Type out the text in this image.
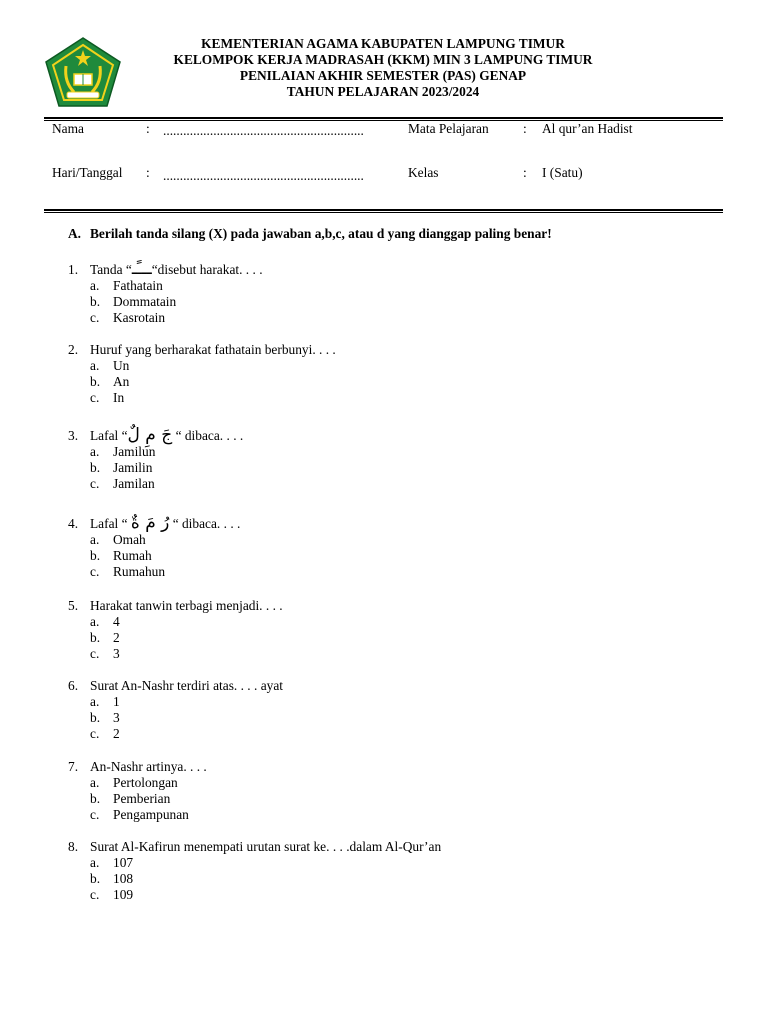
KEMENTERIAN AGAMA KABUPATEN LAMPUNG TIMUR
KELOMPOK KERJA MADRASAH (KKM) MIN 3 LAMPUNG TIMUR
PENILAIAN AKHIR SEMESTER (PAS) GENAP
TAHUN PELAJARAN 2023/2024
Nama	: ............................................................	Mata Pelajaran	: Al qur’an Hadist
Hari/Tanggal : ............................................................	Kelas	: I (Satu)
A. Berilah tanda silang (X) pada jawaban a,b,c, atau d yang dianggap paling benar!
1. Tanda “ـــًـ“disebut harakat. . . .
a. Fathatain
b. Dommatain
c. Kasrotain
2. Huruf yang berharakat fathatain berbunyi. . . .
a. Un
b. An
c. In
3. Lafal “جَ مِ لٌ “ dibaca. . . .
a. Jamilun
b. Jamilin
c. Jamilan
4. Lafal “ رُ مَ ةٌ “ dibaca. . . .
a. Omah
b. Rumah
c. Rumahun
5. Harakat tanwin terbagi menjadi. . . .
a. 4
b. 2
c. 3
6. Surat An-Nashr terdiri atas. . . . ayat
a. 1
b. 3
c. 2
7. An-Nashr artinya. . . .
a. Pertolongan
b. Pemberian
c. Pengampunan
8. Surat Al-Kafirun menempati urutan surat ke. . . .dalam Al-Qur’an
a. 107
b. 108
c. 109
